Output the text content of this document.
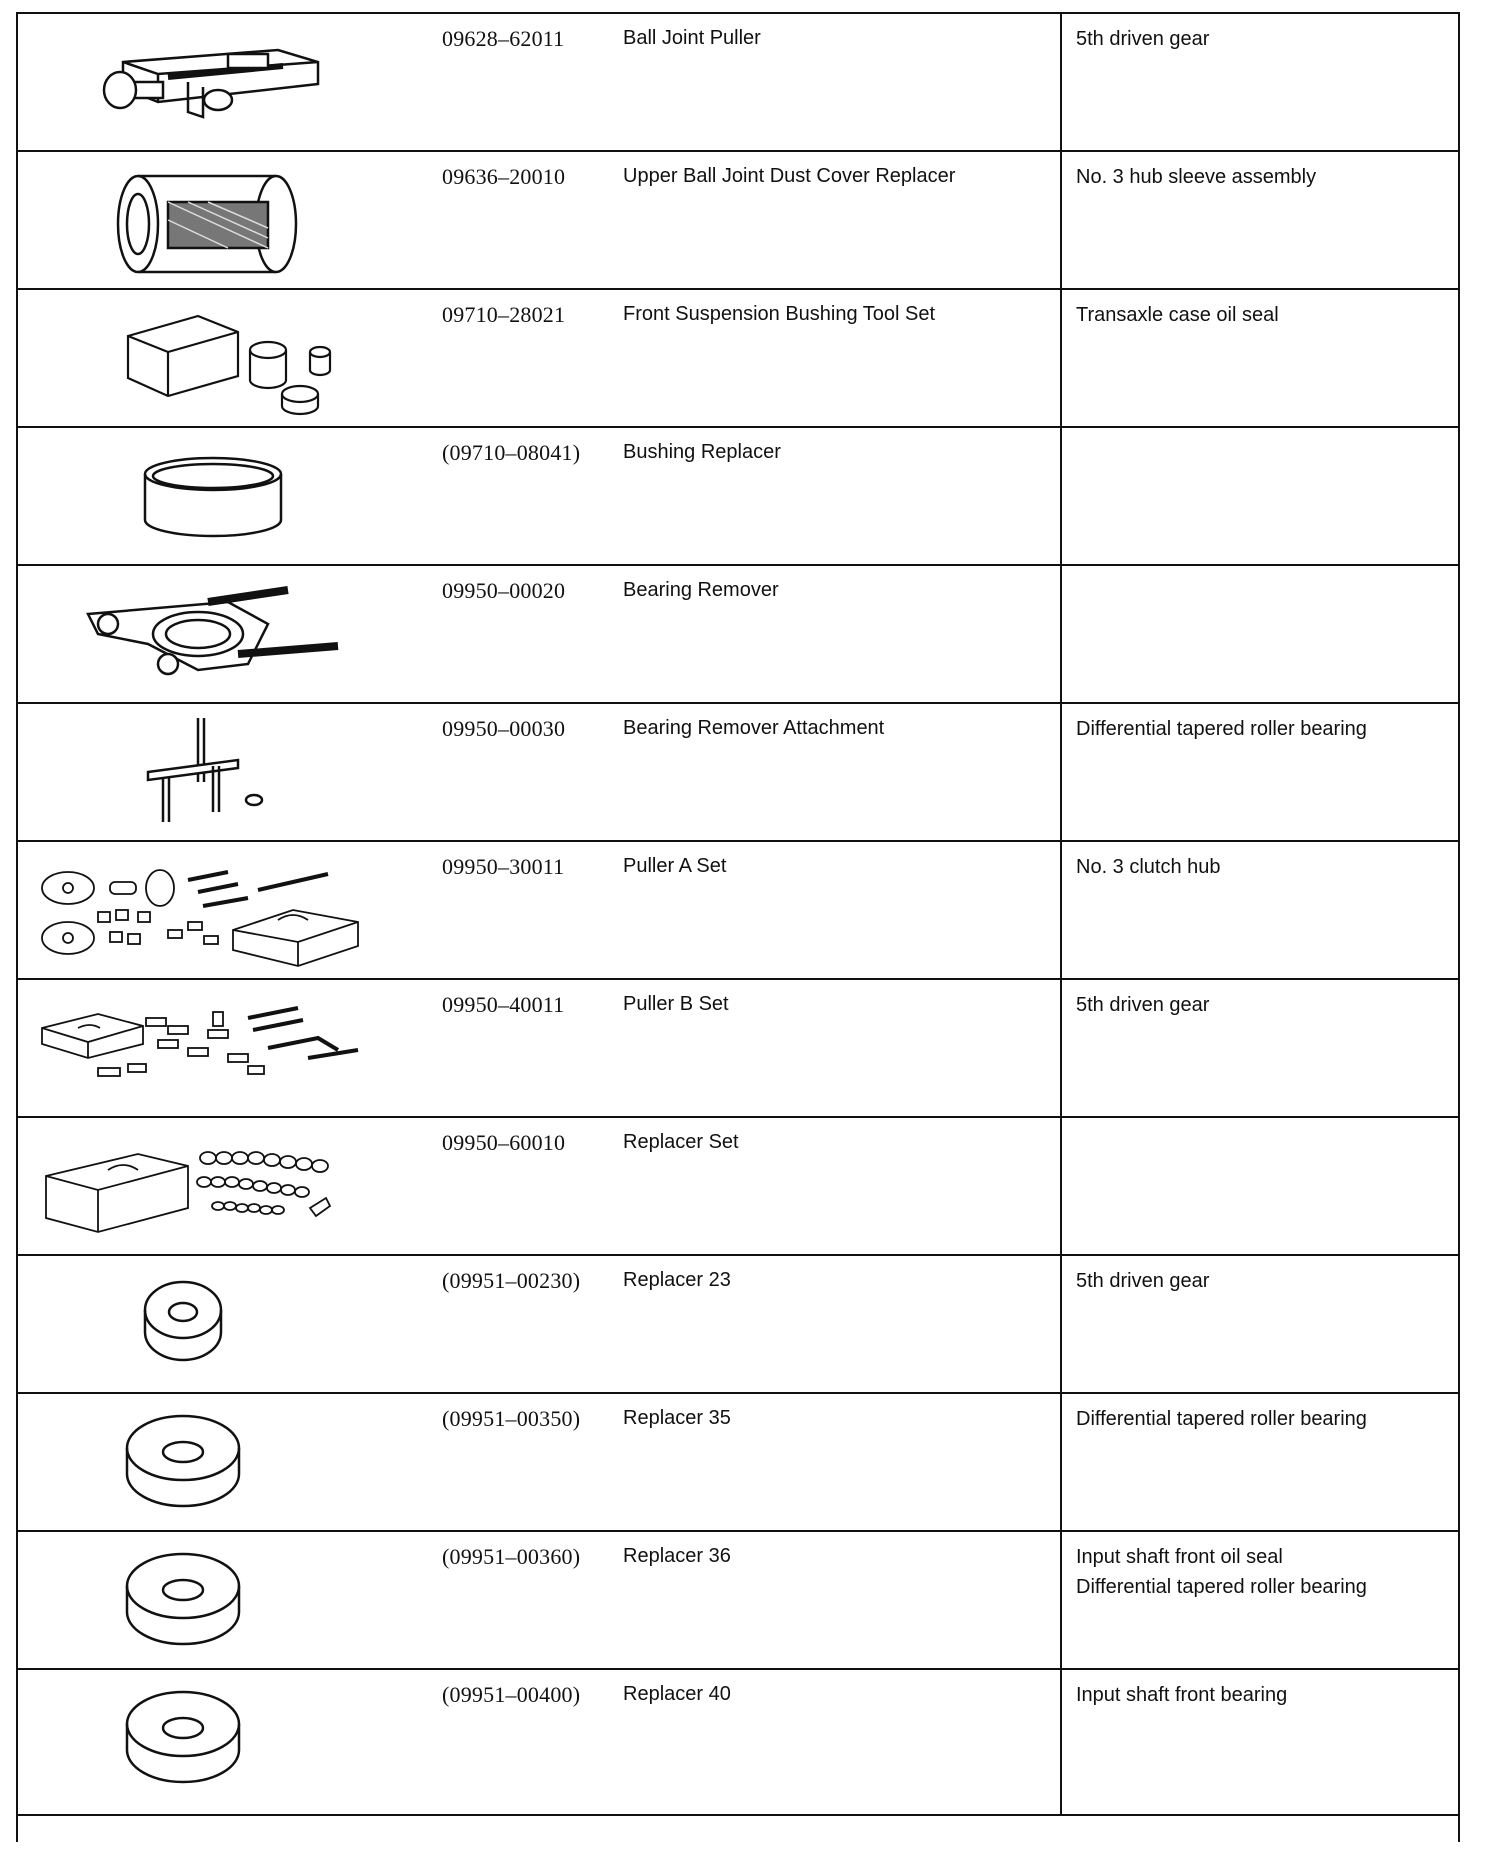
09628–62011	Ball Joint Puller	5th driven gear
09636–20010	Upper Ball Joint Dust Cover Replacer	No. 3 hub sleeve assembly
09710–28021	Front Suspension Bushing Tool Set	Transaxle case oil seal
(09710–08041)	Bushing Replacer
09950–00020	Bearing Remover
09950–00030	Bearing Remover Attachment	Differential tapered roller bearing
09950–30011	Puller A Set	No. 3 clutch hub
09950–40011	Puller B Set	5th driven gear
09950–60010	Replacer Set
(09951–00230)	Replacer 23	5th driven gear
(09951–00350)	Replacer 35	Differential tapered roller bearing
(09951–00360)	Replacer 36	Input shaft front oil seal
Differential tapered roller bearing
(09951–00400)	Replacer 40	Input shaft front bearing
